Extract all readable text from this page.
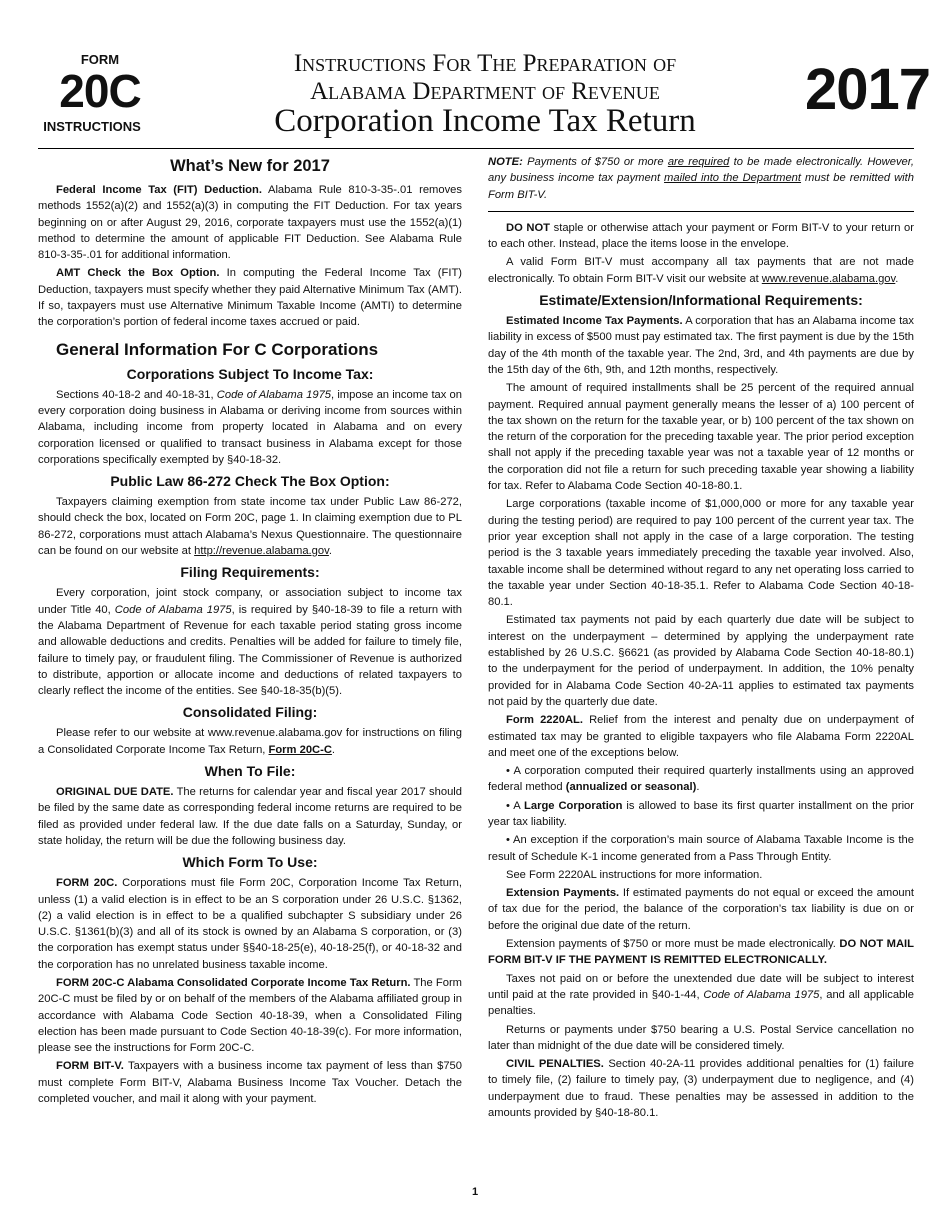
FORM
20C
INSTRUCTIONS
Instructions For The Preparation of
Alabama Department of Revenue
Corporation Income Tax Return	2017
What’s New for 2017

Federal Income Tax (FIT) Deduction. Alabama Rule 810-3-35-.01 removes methods 1552(a)(2) and 1552(a)(3) in computing the FIT Deduction. For tax years beginning on or after August 29, 2016, corporate taxpayers must use the 1552(a)(1) method to determine the amount of applicable FIT Deduction. See Alabama Rule 810-3-35-.01 for additional information.

AMT Check the Box Option. In computing the Federal Income Tax (FIT) Deduction, taxpayers must specify whether they paid Alternative Minimum Tax (AMT). If so, taxpayers must use Alternative Minimum Taxable Income (AMTI) to determine the corporation’s portion of federal income taxes accrued or paid.

General Information For C Corporations
Corporations Subject To Income Tax:

Sections 40-18-2 and 40-18-31, Code of Alabama 1975, impose an income tax on every corporation doing business in Alabama or deriving income from sources within Alabama, including income from property located in Alabama and on every corporation licensed or qualified to transact business in Alabama except for those corporations specifically exempted by §40-18-32.

Public Law 86-272 Check The Box Option:

Taxpayers claiming exemption from state income tax under Public Law 86-272, should check the box, located on Form 20C, page 1. In claiming exemption due to PL 86-272, corporations must attach Alabama’s Nexus Questionnaire. The questionnaire can be found on our website at http://revenue.alabama.gov.

Filing Requirements:

Every corporation, joint stock company, or association subject to income tax under Title 40, Code of Alabama 1975, is required by §40-18-39 to file a return with the Alabama Department of Revenue for each taxable period stating gross income and allowable deductions and credits. Penalties will be added for failure to timely file, failure to timely pay, or fraudulent filing. The Commissioner of Revenue is authorized to distribute, apportion or allocate income and deductions of related taxpayers to clearly reflect the income of the entities. See §40-18-35(b)(5).

Consolidated Filing:

Please refer to our website at www.revenue.alabama.gov for instructions on filing a Consolidated Corporate Income Tax Return, Form 20C-C.

When To File:

ORIGINAL DUE DATE. The returns for calendar year and fiscal year 2017 should be filed by the same date as corresponding federal income returns are required to be filed as provided under federal law. If the due date falls on a Saturday, Sunday, or state holiday, the return will be due the following business day.

Which Form To Use:

FORM 20C. Corporations must file Form 20C, Corporation Income Tax Return, unless (1) a valid election is in effect to be an S corporation under 26 U.S.C. §1362, (2) a valid election is in effect to be a qualified subchapter S subsidiary under 26 U.S.C. §1361(b)(3) and all of its stock is owned by an Alabama S corporation, or (3) the corporation has exempt status under §§40-18-25(e), 40-18-25(f), or 40-18-32 and the corporation has no unrelated business taxable income.

FORM 20C-C Alabama Consolidated Corporate Income Tax Return. The Form 20C-C must be filed by or on behalf of the members of the Alabama affiliated group in accordance with Alabama Code Section 40-18-39, when a Consolidated Filing election has been made pursuant to Code Section 40-18-39(c). For more information, please see the instructions for Form 20C-C.

FORM BIT-V. Taxpayers with a business income tax payment of less than $750 must complete Form BIT-V, Alabama Business Income Tax Voucher. Detach the completed voucher, and mail it along with your payment.

NOTE: Payments of $750 or more are required to be made electronically. However, any business income tax payment mailed into the Department must be remitted with Form BIT-V.

DO NOT staple or otherwise attach your payment or Form BIT-V to your return or to each other. Instead, place the items loose in the envelope.

A valid Form BIT-V must accompany all tax payments that are not made electronically. To obtain Form BIT-V visit our website at www.revenue.alabama.gov.

Estimate/Extension/Informational Requirements:

Estimated Income Tax Payments. A corporation that has an Alabama income tax liability in excess of $500 must pay estimated tax. The first payment is due by the 15th day of the 4th month of the taxable year. The 2nd, 3rd, and 4th payments are due by the 15th day of the 6th, 9th, and 12th months, respectively.

The amount of required installments shall be 25 percent of the required annual payment. Required annual payment generally means the lesser of a) 100 percent of the tax shown on the return for the taxable year, or b) 100 percent of the tax shown on the return of the corporation for the preceding taxable year. The prior period exception shall not apply if the preceding taxable year was not a taxable year of 12 months or the corporation did not file a return for such preceding taxable year showing a liability for tax. Refer to Alabama Code Section 40-18-80.1.

Large corporations (taxable income of $1,000,000 or more for any taxable year during the testing period) are required to pay 100 percent of the current year tax. The prior year exception shall not apply in the case of a large corporation. The testing period is the 3 taxable years immediately preceding the taxable year involved. Also, taxable income shall be determined without regard to any net operating loss carried to the taxable year under Section 40-18-35.1. Refer to Alabama Code Section 40-18-80.1.

Estimated tax payments not paid by each quarterly due date will be subject to interest on the underpayment – determined by applying the underpayment rate established by 26 U.S.C. §6621 (as provided by Alabama Code Section 40-18-80.1) to the underpayment for the period of underpayment. In addition, the 10% penalty provided for in Alabama Code Section 40-2A-11 applies to estimated tax payments not paid by the quarterly due date.

Form 2220AL. Relief from the interest and penalty due on underpayment of estimated tax may be granted to eligible taxpayers who file Alabama Form 2220AL and meet one of the exceptions below.

• A corporation computed their required quarterly installments using an approved federal method (annualized or seasonal).

• A Large Corporation is allowed to base its first quarter installment on the prior year tax liability.

• An exception if the corporation’s main source of Alabama Taxable Income is the result of Schedule K-1 income generated from a Pass Through Entity.

See Form 2220AL instructions for more information.

Extension Payments. If estimated payments do not equal or exceed the amount of tax due for the period, the balance of the corporation’s tax liability is due on or before the original due date of the return.

Extension payments of $750 or more must be made electronically. DO NOT MAIL FORM BIT-V IF THE PAYMENT IS REMITTED ELECTRONICALLY.

Taxes not paid on or before the unextended due date will be subject to interest until paid at the rate provided in §40-1-44, Code of Alabama 1975, and all applicable penalties.

Returns or payments under $750 bearing a U.S. Postal Service cancellation no later than midnight of the due date will be considered timely.

CIVIL PENALTIES. Section 40-2A-11 provides additional penalties for (1) failure to timely file, (2) failure to timely pay, (3) underpayment due to negligence, and (4) underpayment due to fraud. These penalties may be assessed in addition to the amounts provided by §40-18-80.1.

1
